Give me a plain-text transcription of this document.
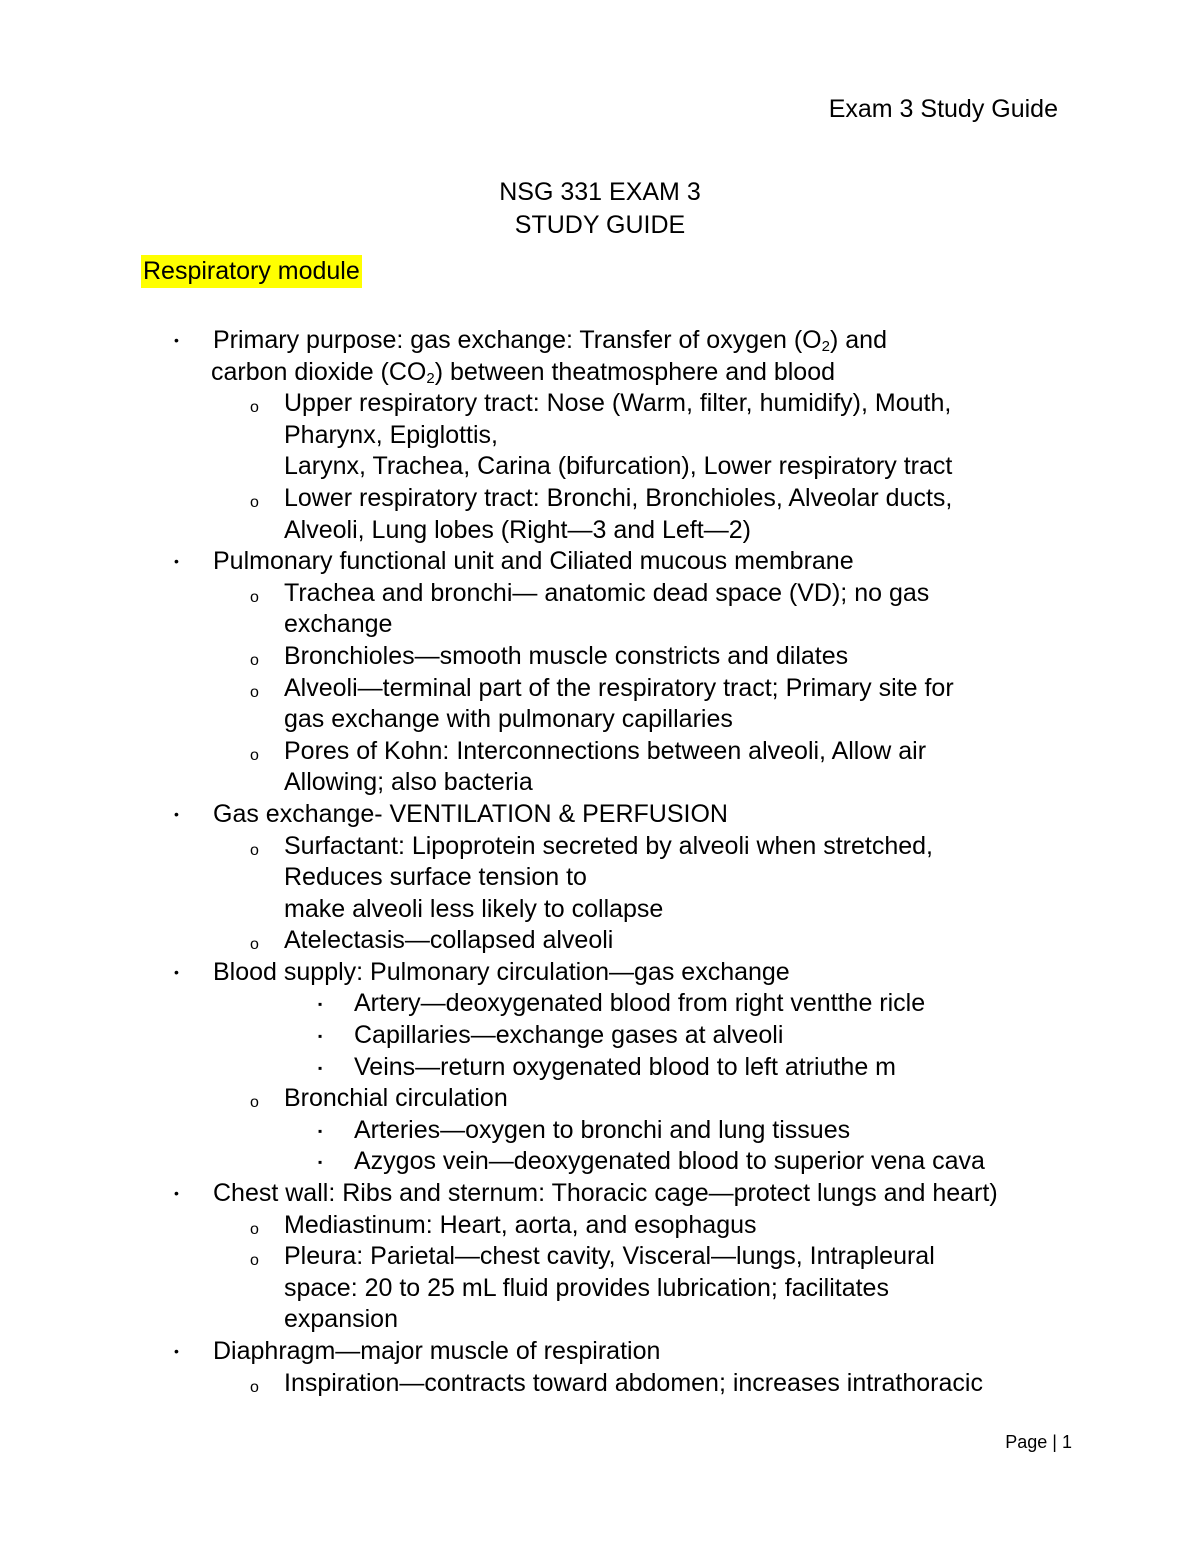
Exam 3 Study Guide
NSG 331 EXAM 3
STUDY GUIDE
Respiratory module
• Primary purpose: gas exchange: Transfer of oxygen $(O_2)$ and
carbon dioxide $(CO_2)$ between theatmosphere and blood
o Upper respiratory tract: Nose (Warm, filter, humidify), Mouth,
Pharynx, Epiglottis,
Larynx, Trachea, Carina (bifurcation), Lower respiratory tract
o Lower respiratory tract: Bronchi, Bronchioles, Alveolar ducts,
Alveoli, Lung lobes (Right—3 and Left—2)
• Pulmonary functional unit and Ciliated mucous membrane
o Trachea and bronchi— anatomic dead space (VD); no gas
exchange
o Bronchioles—smooth muscle constricts and dilates
o Alveoli—terminal part of the respiratory tract; Primary site for
gas exchange with pulmonary capillaries
o Pores of Kohn: Interconnections between alveoli, Allow air
Allowing; also bacteria
• Gas exchange- VENTILATION & PERFUSION
o Surfactant: Lipoprotein secreted by alveoli when stretched,
Reduces surface tension to
make alveoli less likely to collapse
o Atelectasis—collapsed alveoli
• Blood supply: Pulmonary circulation—gas exchange
▪ Artery—deoxygenated blood from right ventthe ricle
▪ Capillaries—exchange gases at alveoli
▪ Veins—return oxygenated blood to left atriuthe m
o Bronchial circulation
▪ Arteries—oxygen to bronchi and lung tissues
▪ Azygos vein—deoxygenated blood to superior vena cava
• Chest wall: Ribs and sternum: Thoracic cage—protect lungs and heart)
o Mediastinum: Heart, aorta, and esophagus
o Pleura: Parietal—chest cavity, Visceral—lungs, Intrapleural
space: 20 to 25 mL fluid provides lubrication; facilitates
expansion
• Diaphragm—major muscle of respiration
o Inspiration—contracts toward abdomen; increases intrathoracic
Page | 1
